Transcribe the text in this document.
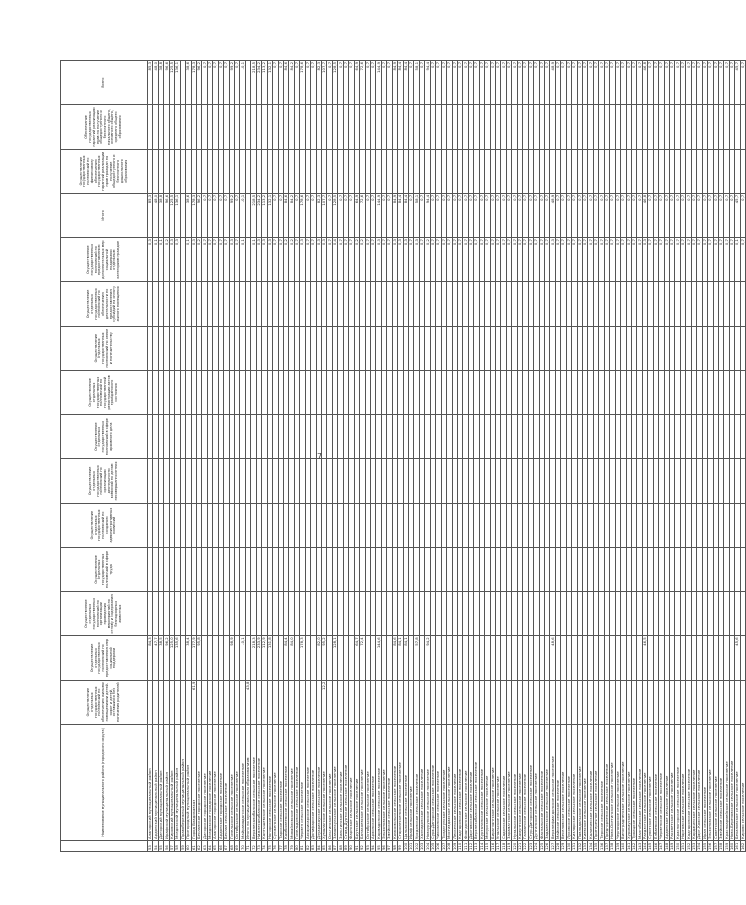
	Наименование муниципального района (городского округа)	Осуществление отдельных государственных полномочий по обеспечению жилыми помещениями детей-сирот и детей, оставшихся без попечения родителей	Осуществление отдельных государственных полномочий по предоставлению мер социальной поддержки	Осуществление отдельных государственных полномочий по организации проведения мероприятий по отлову и содержанию безнадзорных животных	Осуществление отдельных государственных полномочий в сфере труда	Осуществление отдельных государственных полномочий по созданию административных комиссий	Осуществление отдельных государственных полномочий по организации деятельности комиссий по делам несовершеннолетних	Осуществление отдельных государственных полномочий в сфере архивного дела	Осуществление отдельных государственных полномочий по государственной регистрации актов гражданского состояния	Осуществление отдельных государственных полномочий по опеке и попечительству	Осуществление отдельных государственных полномочий по обеспечению деятельности по предоставлению субсидий на оплату жилого помещения	Осуществление государственных полномочий по предоставлению дополнительных мер социальной поддержки отдельным категориям граждан	Итого	Осуществление государственных полномочий по финансовому обеспечению государственных гарантий реализации прав граждан на получение общедоступного и бесплатного дошкольного образования	Обеспечение государственных гарантий реализации прав на получение общедоступного и бесплатного начального общего, основного общего, среднего общего образования	Всего
53	Алагирский муниципальный район		84,3									0,3	85,3			85,3
54	Ардонский муниципальный район		47,7									0,1	48,0			48,0
55	Дигорский муниципальный район		38,5									0,1	38,8			38,8
56	Ирафский муниципальный район		96,2									0,2	96,6			96,6
57	Кировский муниципальный район		125,0									0,3	125,5			125,5
58	Моздокский муниципальный район		135,6									0,3	136,1			136,1
59	Правобережный муниципальный район															
60	Пригородный муниципальный район		38,4									0,1	38,6			38,6
61	Город Владикавказ	61,9	177,9									0,3	178,3			178,3
62	Бесланское городское поселение		95,8									0,2	96,2			96,2
63	Дигорское городское поселение											0,7	0,7			0,7
64	Моздокское городское поселение											0,7	0,7			0,7
65	Алагирское городское поселение											0,7	0,7			0,7
66	Ардонское городское поселение											0,7	0,7			0,7
67	Беслан сельское поселение											0,7	0,7			0,7
68	Гизельское сельское поселение		98,9									0,3	99,2			99,2
69	Октябрьское сельское поселение											0,7	0,7			0,7
70	Майрамадагское сельское поселение		-0,1									0,1	-0,1			-0,1
71	Итого по муниципальным образованиям	43,8														
72	Верхнесанибанское сельское поселение		218,3									0,1	218,5			218,5
73	Нижнесанибанское сельское поселение		233,9									0,3	234,2			234,2
74	Кантышевское сельское поселение		112,9									0,3	113,2			113,2
75	Ногирское сельское поселение		131,8									0,3	132,1			132,1
76	Сунженское сельское поселение											0,7	0,7			0,7
77	Тарское сельское поселение											0,7	0,7			0,7
78	Камбилеевское сельское поселение		84,4									0,2	84,6			84,6
79	Михайловское сельское поселение		84,0									0,2	84,2			84,2
80	Гизельдонское сельское поселение											0,7	0,7			0,7
81	Чермен сельское поселение		178,3									0,3	178,6			178,6
82	Ахсарисарское сельское поселение											0,7	0,7			0,7
83	Донифарское сельское поселение											0,7	0,7			0,7
84	Дзуарикауское сельское поселение		82,0									0,3	82,3			82,3
85	Хумалагское сельское поселение	12,2	95,2									0,3	107,7			107,7
86	Ольгинское сельское поселение											0,7	0,7			0,7
87	Заманкульское сельское поселение		128,1									0,4	128,5			128,5
88	Зильгинское сельское поселение											0,7	0,7			0,7
89	Ставд-Дуртское сельское поселение											0,7	0,7			0,7
90	Фарнское сельское поселение											0,7	0,7			0,7
91	Брутское сельское поселение		64,7									0,2	64,9			64,9
92	Батакоевское сельское поселение		72,4									0,2	72,6			72,6
93	Октябрьское сельское поселение											0,7	0,7			0,7
94	Архонское сельское поселение											0,7	0,7			0,7
95	Кармадонское сельское поселение		144,6									0,3	144,9			144,9
96	Эльхотовское сельское поселение											0,7	0,7			0,7
97	Змейское сельское поселение											0,7	0,7			0,7
98	Комсомольское сельское поселение		84,6									0,3	84,9			84,9
99	Старолескенское сельское поселение		84,1									0,3	84,4			84,4
100	Цалыкское сельское поселение		84,1									0,3	84,4			84,4
101	Ираф сельское поселение											0,7	0,7			0,7
102	Урсдонское сельское поселение		57,8									0,3	58,1			58,1
103	Хазнидонское сельское поселение											0,7	0,7			0,7
104	Новоурухское сельское поселение		94,2									0,2	94,4			94,4
105	Сурх-Дигорское сельское поселение											0,7	0,7			0,7
106	Чиколинское сельское поселение											0,7	0,7			0,7
107	Толдзгунское сельское поселение											0,7	0,7			0,7
108	Мостиздахское сельское поселение											0,7	0,7			0,7
109	Лескенское сельское поселение											0,7	0,7			0,7
110	Кадгаронское сельское поселение											0,7	0,7			0,7
111	Фиагдонское сельское поселение											0,7	0,7			0,7
112	Даргавсское сельское поселение											0,7	0,7			0,7
113	Верхнекобанское сельское поселение											0,7	0,7			0,7
114	Куртатинское сельское поселение											0,7	0,7			0,7
115	Мизурское сельское поселение											0,7	0,7			0,7
116	Бирагзангское сельское поселение											0,7	0,7			0,7
117	Унальское сельское поселение											0,7	0,7			0,7
118	Садонское сельское поселение											0,7	0,7			0,7
119	Зарамагское сельское поселение											0,7	0,7			0,7
120	Нузальское сельское поселение											0,7	0,7			0,7
121	Камунтское сельское поселение											0,7	0,7			0,7
122	Галиатское сельское поселение											0,7	0,7			0,7
123	Стур-Дигорское сельское поселение											0,7	0,7			0,7
124	Дунтинское сельское поселение											0,7	0,7			0,7
125	Фаснальское сельское поселение											0,7	0,7			0,7
126	Задалескское сельское поселение											0,7	0,7			0,7
127	Верхнефиагдонское сельское поселение		48,6									0,3	48,9			48,9
128	Майское сельское поселение											0,7	0,7			0,7
129	Веселовское сельское поселение											0,7	0,7			0,7
130	Луковское сельское поселение											0,7	0,7			0,7
131	Кизлярское сельское поселение											0,7	0,7			0,7
132	Павлодольское сельское поселение											0,7	0,7			0,7
133	Киевское сельское поселение											0,7	0,7			0,7
134	Калининское сельское поселение											0,7	0,7			0,7
135	Притеречное сельское поселение											0,7	0,7			0,7
136	Терское сельское поселение											0,7	0,7			0,7
137	Предгорненское сельское поселение											0,7	0,7			0,7
138	Ново-Осетинское сельское поселение											0,7	0,7			0,7
139	Черноярское сельское поселение											0,7	0,7			0,7
140	Виноградненское сельское поселение											0,7	0,7			0,7
141	Хурикауское сельское поселение											0,7	0,7			0,7
142	Троицкое сельское поселение											0,7	0,7			0,7
143	Малгобекское сельское поселение											0,7	0,7			0,7
144	Раздзогское сельское поселение		46,5									0,3	46,8			46,8
145	Сухотское сельское поселение											0,7	0,7			0,7
146	Елбаевское сельское поселение											0,7	0,7			0,7
147	Черменское сельское поселение											0,7	0,7			0,7
148	Ардонское сельское поселение											0,7	0,7			0,7
149	Рассветское сельское поселение											0,7	0,7			0,7
150	Красногорское сельское поселение											0,7	0,7			0,7
151	Нартовское сельское поселение											0,7	0,7			0,7
152	Кадгаронское сельское поселение											0,7	0,7			0,7
153	Карджинское сельское поселение											0,7	0,7			0,7
154	Дарг-Кохское сельское поселение											0,7	0,7			0,7
155	Иран сельское поселение											0,7	0,7			0,7
156	Эльхотовское сельское поселение											0,7	0,7			0,7
157	Советское сельское поселение											0,7	0,7			0,7
158	Змейское сельское поселение											0,7	0,7			0,7
159	Красноармейское сельское поселение											0,7	0,7			0,7
160	Ново-Березовское сельское поселение											0,7	0,7			0,7
161	Бекановское сельское поселение		45,6									0,1	45,7			45,7
162	Кирово сельское поселение											0,7	0,7			0,7
7
